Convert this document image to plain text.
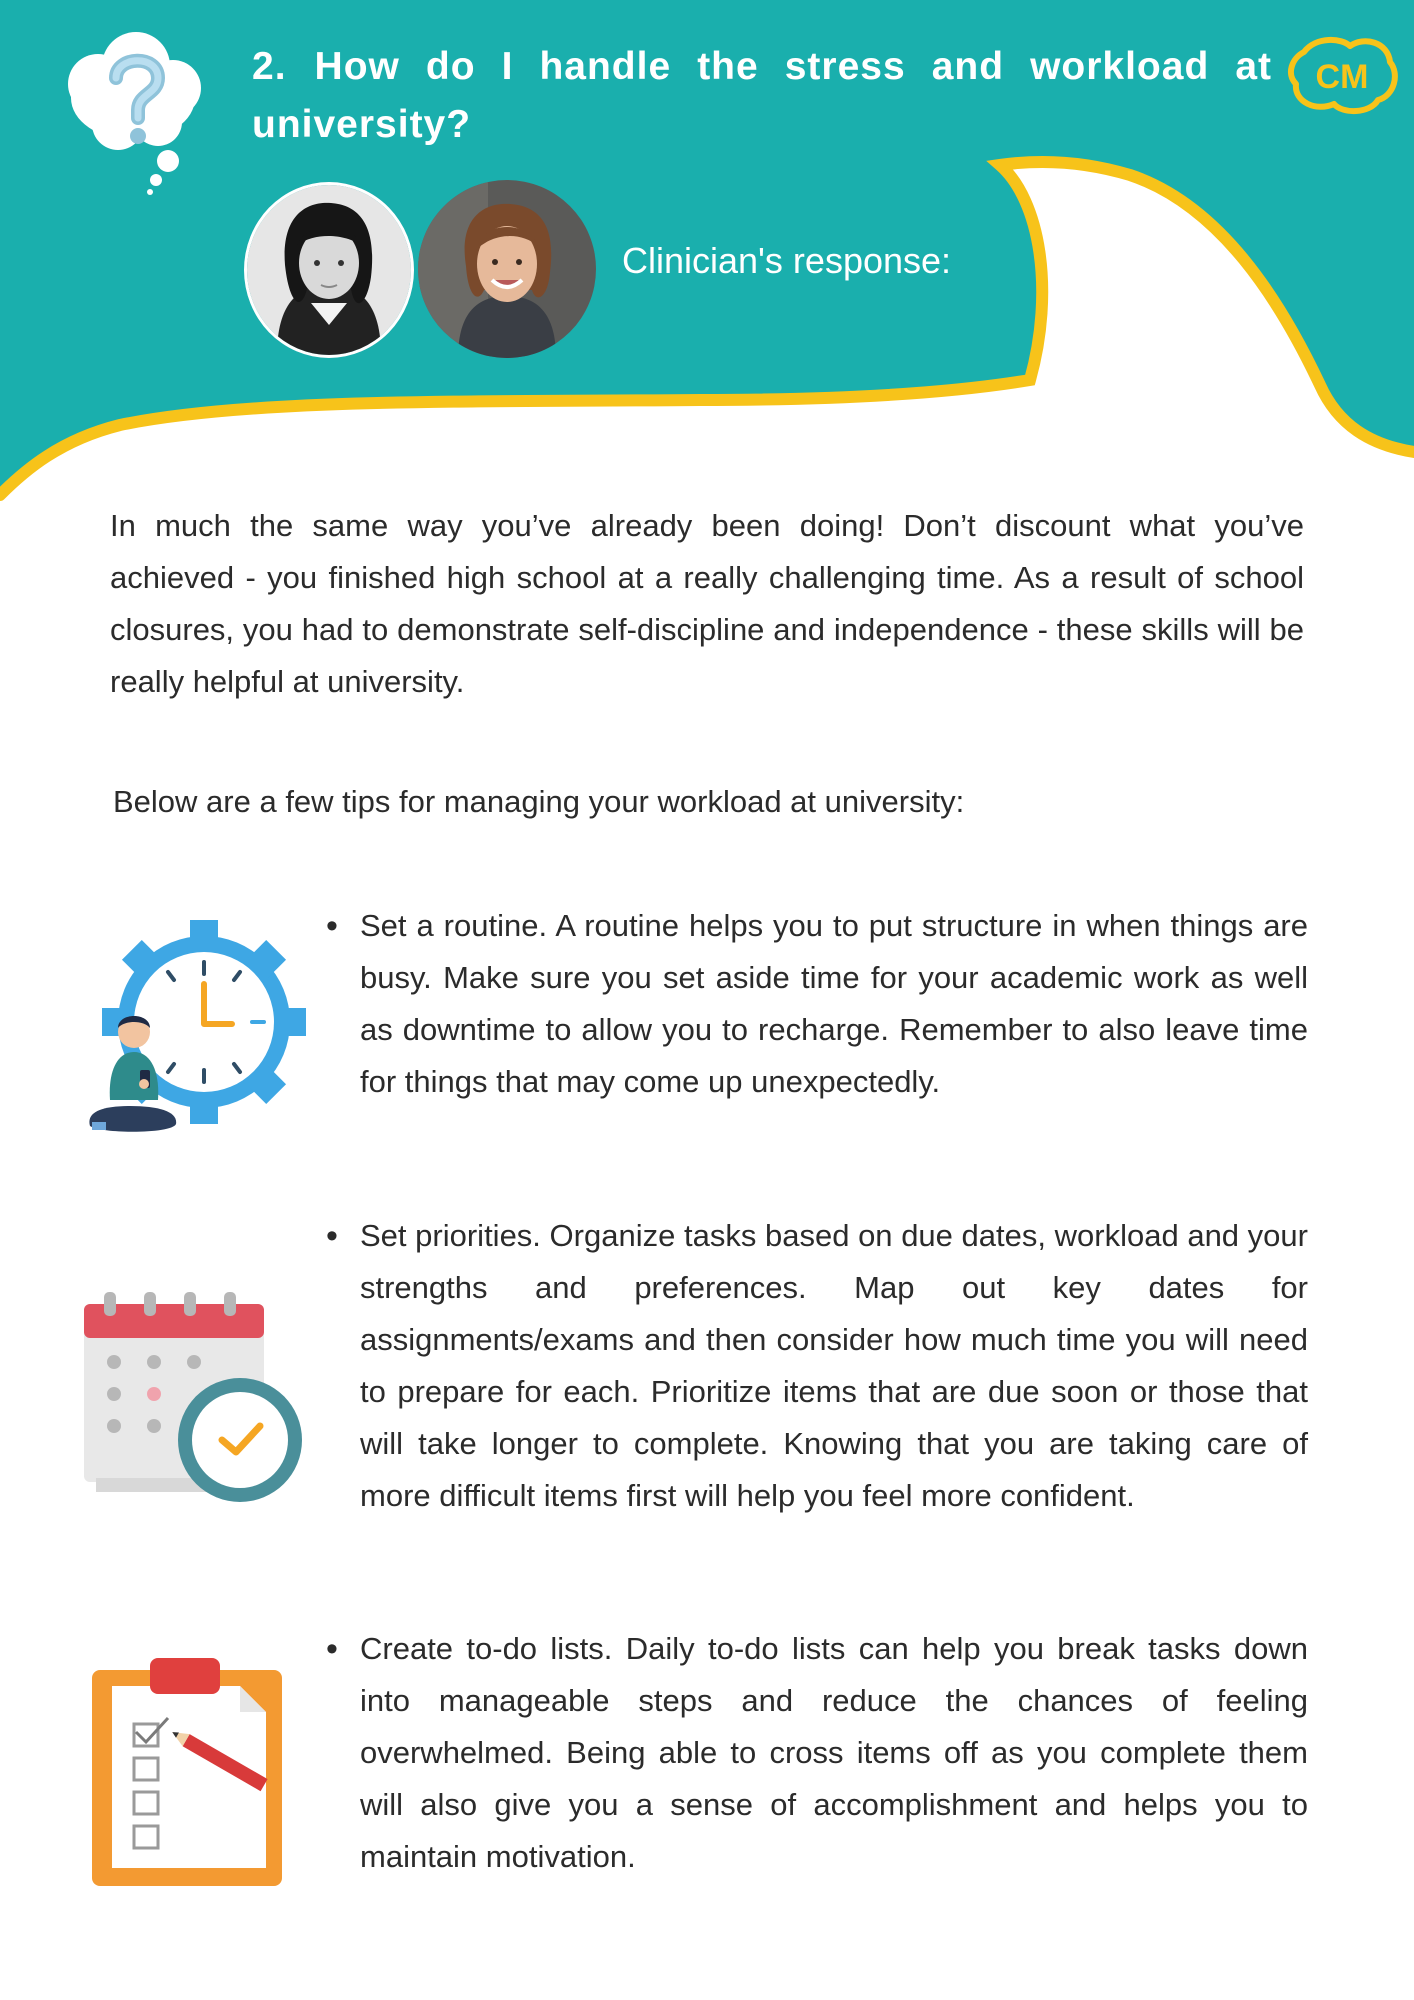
2. How do I handle the stress and workload at university?
CM

Clinician's response:

In much the same way you’ve already been doing! Don’t discount what you’ve achieved - you finished high school at a really challenging time. As a result of school closures, you had to demonstrate self-discipline and independence - these skills will be really helpful at university.

Below are a few tips for managing your workload at university:

• Set a routine. A routine helps you to put structure in when things are busy. Make sure you set aside time for your academic work as well as downtime to allow you to recharge. Remember to also leave time for things that may come up unexpectedly.

• Set priorities. Organize tasks based on due dates, workload and your strengths and preferences. Map out key dates for assignments/exams and then consider how much time you will need to prepare for each. Prioritize items that are due soon or those that will take longer to complete. Knowing that you are taking care of more difficult items first will help you feel more confident.

• Create to-do lists. Daily to-do lists can help you break tasks down into manageable steps and reduce the chances of feeling overwhelmed. Being able to cross items off as you complete them will also give you a sense of accomplishment and helps you to maintain motivation.
